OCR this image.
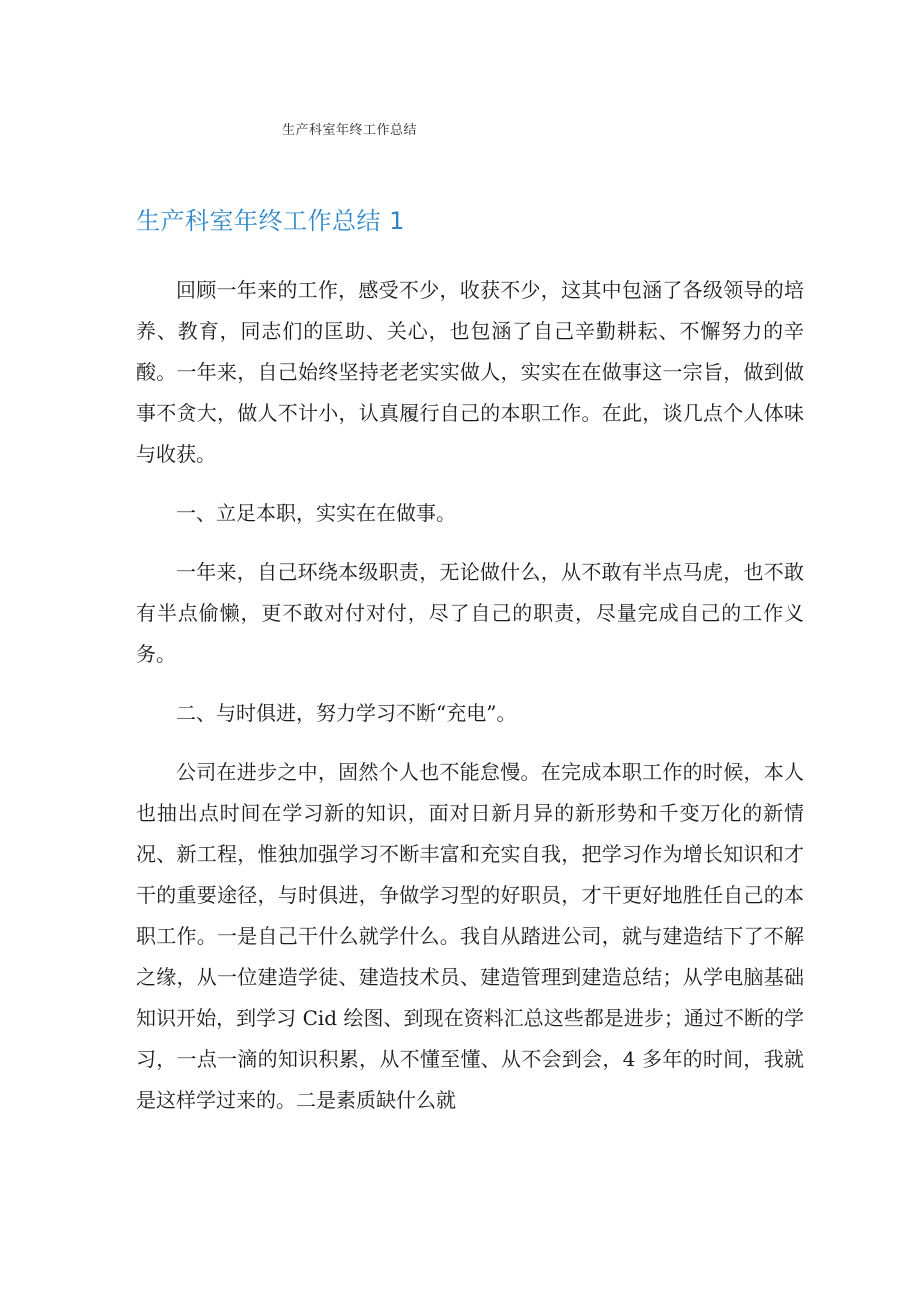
生产科室年终工作总结
生产科室年终工作总结 1

回顾一年来的工作，感受不少，收获不少，这其中包涵了各级领导的培养、教育，同志们的匡助、关心，也包涵了自己辛勤耕耘、不懈努力的辛酸。一年来，自己始终坚持老老实实做人，实实在在做事这一宗旨，做到做事不贪大，做人不计小，认真履行自己的本职工作。在此，谈几点个人体味与收获。

一、立足本职，实实在在做事。

一年来，自己环绕本级职责，无论做什么，从不敢有半点马虎，也不敢有半点偷懒，更不敢对付对付，尽了自己的职责，尽量完成自己的工作义务。

二、与时俱进，努力学习不断“充电”。

公司在进步之中，固然个人也不能怠慢。在完成本职工作的时候，本人也抽出点时间在学习新的知识，面对日新月异的新形势和千变万化的新情况、新工程，惟独加强学习不断丰富和充实自我，把学习作为增长知识和才干的重要途径，与时俱进，争做学习型的好职员，才干更好地胜任自己的本职工作。一是自己干什么就学什么。我自从踏进公司，就与建造结下了不解之缘，从一位建造学徒、建造技术员、建造管理到建造总结；从学电脑基础知识开始，到学习 Cid 绘图、到现在资料汇总这些都是进步；通过不断的学习，一点一滴的知识积累，从不懂至懂、从不会到会，4 多年的时间，我就是这样学过来的。二是素质缺什么就
